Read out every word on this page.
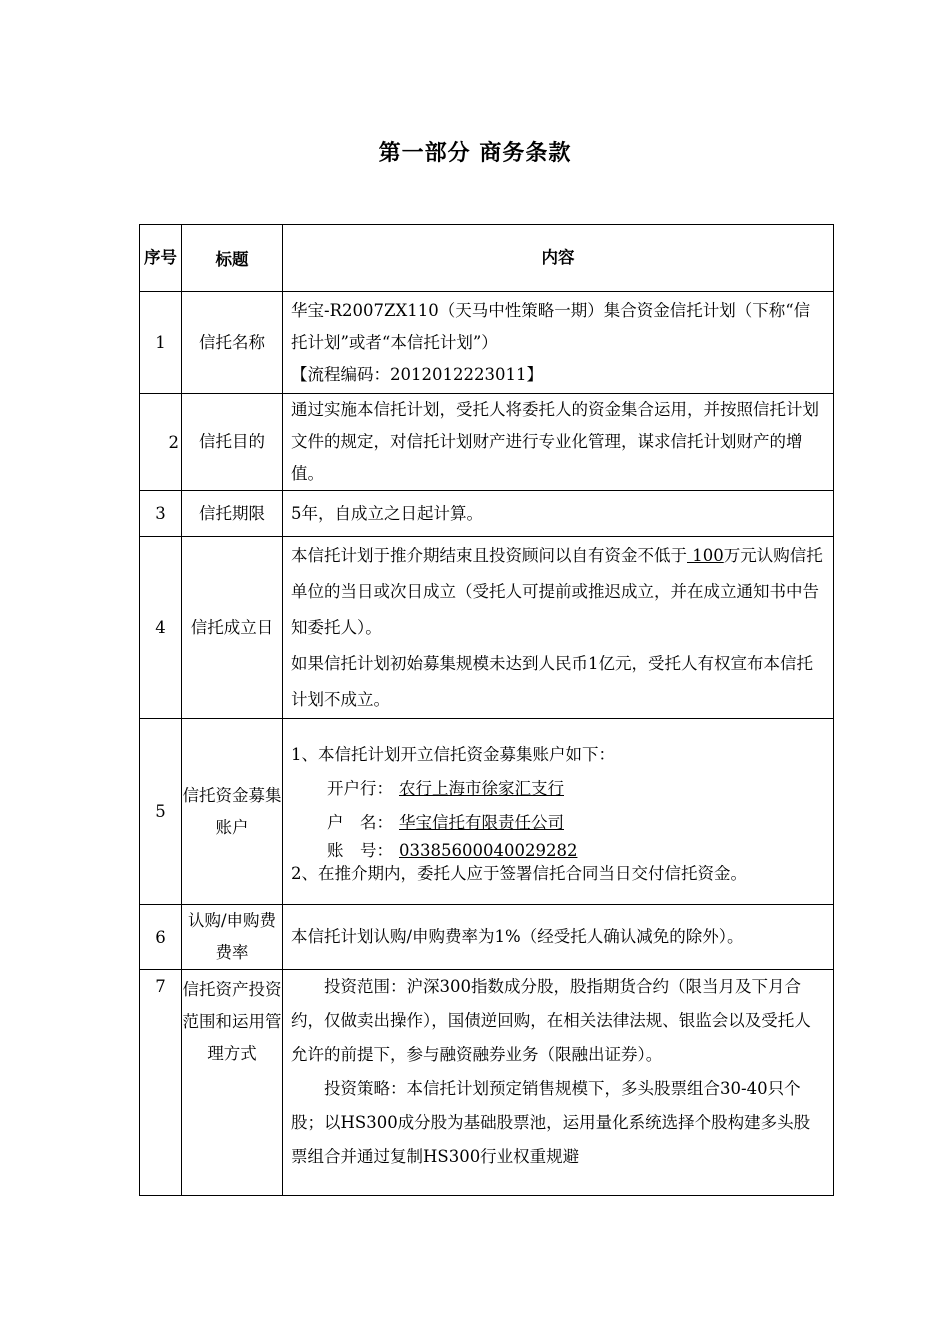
第一部分 商务条款
序号	标题	内容
1	信托名称	华宝-R2007ZX110（天马中性策略一期）集合资金信托计划（下称“信托计划”或者“本信托计划”）

【流程编码：2012012223011】

2	信托目的	通过实施本信托计划，受托人将委托人的资金集合运用，并按照信托计划文件的规定，对信托计划财产进行专业化管理，谋求信托计划财产的增值。

3	信托期限	5年，自成立之日起计算。

4	信托成立日	本信托计划于推介期结束且投资顾问以自有资金不低于 100万元认购信托单位的当日或次日成立（受托人可提前或推迟成立，并在成立通知书中告知委托人）。

如果信托计划初始募集规模未达到人民币1亿元，受托人有权宣布本信托计划不成立。

5	信托资金募集账户	1、本信托计划开立信托资金募集账户如下：

开户行： 农行上海市徐家汇支行

户　名： 华宝信托有限责任公司

账　号： 03385600040029282

2、在推介期内，委托人应于签署信托合同当日交付信托资金。

6	认购/申购费费率	本信托计划认购/申购费率为1%（经受托人确认减免的除外）。

7	信托资产投资范围和运用管理方式	投资范围：沪深300指数成分股，股指期货合约（限当月及下月合约，仅做卖出操作），国债逆回购，在相关法律法规、银监会以及受托人允许的前提下，参与融资融券业务（限融出证券）。

投资策略：本信托计划预定销售规模下，多头股票组合30-40只个股；以HS300成分股为基础股票池，运用量化系统选择个股构建多头股票组合并通过复制HS300行业权重规避
